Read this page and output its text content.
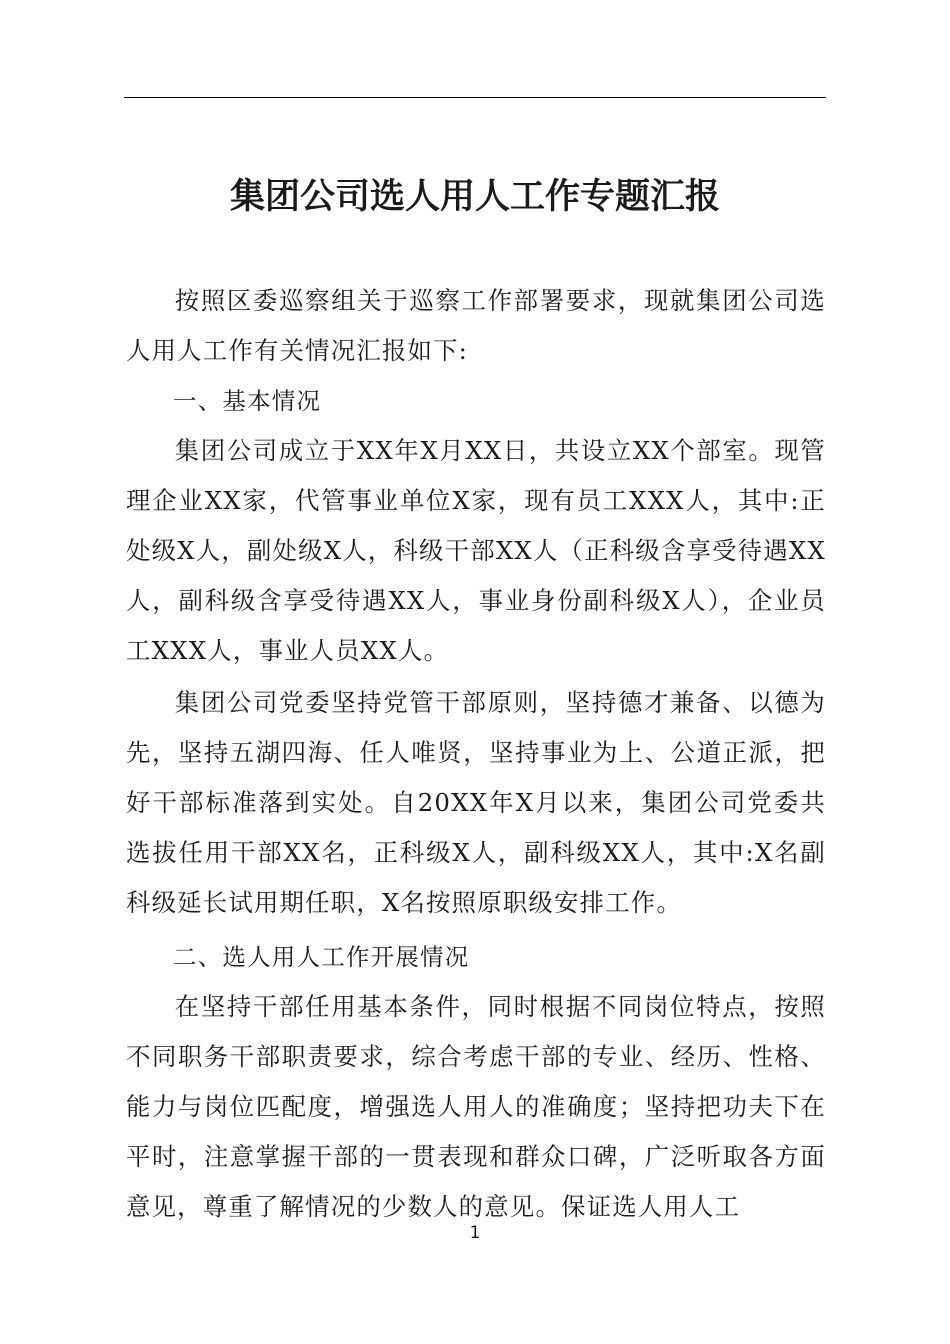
集团公司选人用人工作专题汇报

按照区委巡察组关于巡察工作部署要求，现就集团公司选人用人工作有关情况汇报如下:

一、基本情况

集团公司成立于XX年X月XX日，共设立XX个部室。现管理企业XX家，代管事业单位X家，现有员工XXX人，其中:正处级X人，副处级X人，科级干部XX人（正科级含享受待遇XX人，副科级含享受待遇XX人，事业身份副科级X人），企业员工XXX人，事业人员XX人。

集团公司党委坚持党管干部原则，坚持德才兼备、以德为先，坚持五湖四海、任人唯贤，坚持事业为上、公道正派，把好干部标准落到实处。自20XX年X月以来，集团公司党委共选拔任用干部XX名，正科级X人，副科级XX人，其中:X名副科级延长试用期任职，X名按照原职级安排工作。

二、选人用人工作开展情况

在坚持干部任用基本条件，同时根据不同岗位特点，按照不同职务干部职责要求，综合考虑干部的专业、经历、性格、能力与岗位匹配度，增强选人用人的准确度；坚持把功夫下在平时，注意掌握干部的一贯表现和群众口碑，广泛听取各方面意见，尊重了解情况的少数人的意见。保证选人用人工

1
